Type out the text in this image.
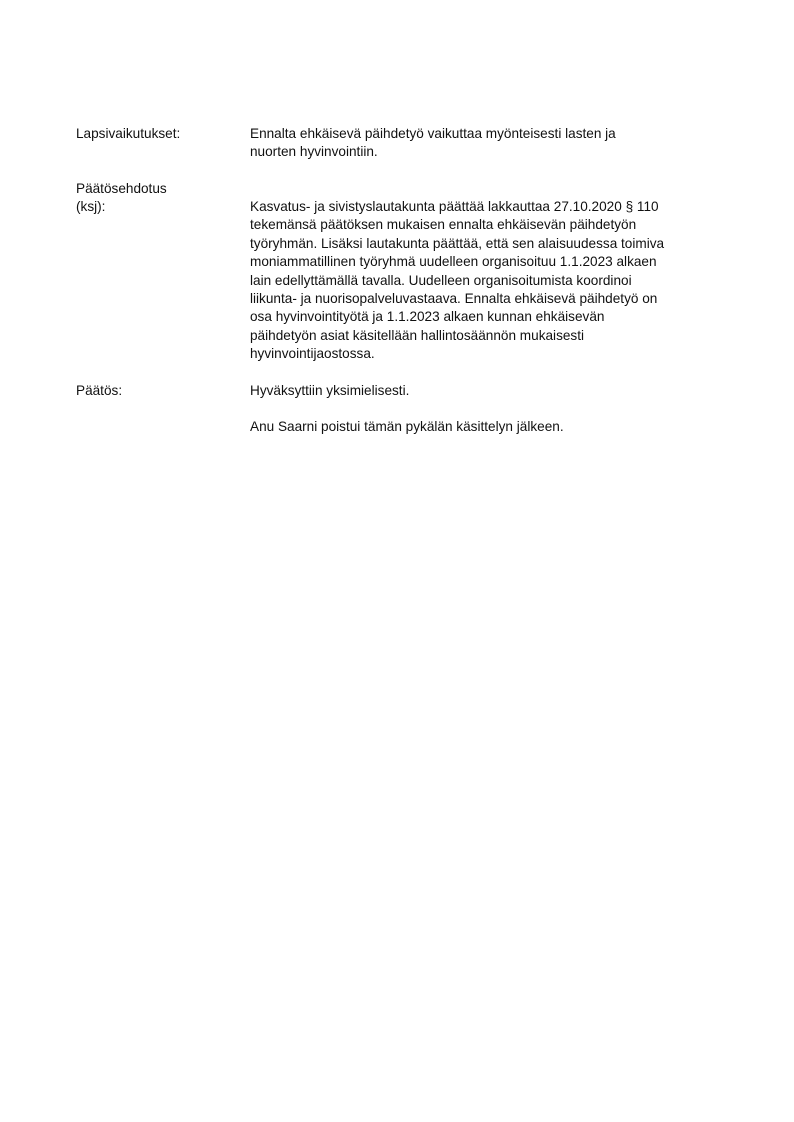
Lapsivaikutukset:	Ennalta ehkäisevä päihdetyö vaikuttaa myönteisesti lasten ja
nuorten hyvinvointiin.
Päätösehdotus
(ksj):	Kasvatus- ja sivistyslautakunta päättää lakkauttaa 27.10.2020 § 110
tekemänsä päätöksen mukaisen ennalta ehkäisevän päihdetyön
työryhmän. Lisäksi lautakunta päättää, että sen alaisuudessa toimiva
moniammatillinen työryhmä uudelleen organisoituu 1.1.2023 alkaen
lain edellyttämällä tavalla. Uudelleen organisoitumista koordinoi
liikunta- ja nuorisopalveluvastaava. Ennalta ehkäisevä päihdetyö on
osa hyvinvointityötä ja 1.1.2023 alkaen kunnan ehkäisevän
päihdetyön asiat käsitellään hallintosäännön mukaisesti
hyvinvointijaostossa.
Päätös:	Hyväksyttiin yksimielisesti.
Anu Saarni poistui tämän pykälän käsittelyn jälkeen.
